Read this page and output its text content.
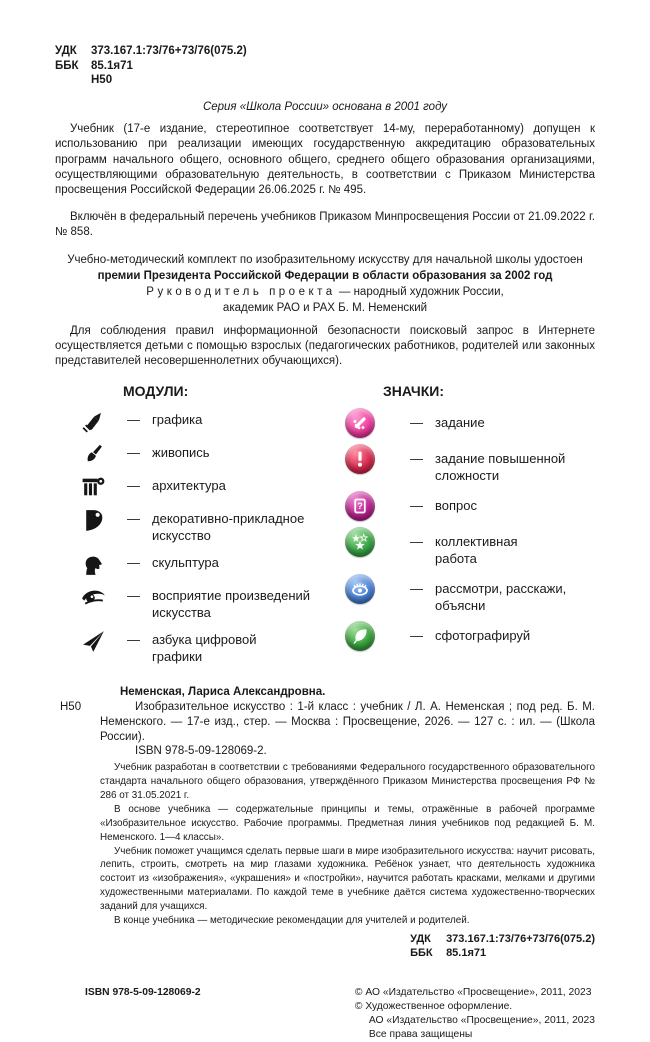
УДК	373.167.1:73/76+73/76(075.2)
ББК	85.1я71
Н50
Серия «Школа России» основана в 2001 году

Учебник (17-е издание, стереотипное соответствует 14-му, переработанному) допущен к использованию при реализации имеющих государственную аккредитацию образовательных программ начального общего, основного общего, среднего общего образования организациями, осуществляющими образовательную деятельность, в соответствии с Приказом Министерства просвещения Российской Федерации 26.06.2025 г. № 495.

Включён в федеральный перечень учебников Приказом Минпросвещения России от 21.09.2022 г. № 858.

Учебно-методический комплект по изобразительному искусству для начальной школы удостоен
премии Президента Российской Федерации в области образования за 2002 год
Руководитель проекта — народный художник России,
академик РАО и РАХ Б. М. Неменский

Для соблюдения правил информационной безопасности поисковый запрос в Интернете осуществляется детьми с помощью взрослых (педагогических работников, родителей или законных представителей несовершеннолетних обучающихся).

МОДУЛИ:
— графика
— живопись
— архитектура
— декоративно-прикладное искусство
— скульптура
— восприятие произведений искусства
— азбука цифровой графики
ЗНАЧКИ:
— задание
— задание повышенной сложности
?	— вопрос
— коллективная работа
— рассмотри, расскажи, объясни
— сфотографируй
Неменская, Лариса Александровна.
Н50	Изобразительное искусство : 1-й класс : учебник / Л. А. Неменская ; под ред. Б. М. Неменского. — 17-е изд., стер. — Москва : Просвещение, 2026. — 127 с. : ил. — (Школа России).
ISBN 978-5-09-128069-2.

Учебник разработан в соответствии с требованиями Федерального государственного образовательного стандарта начального общего образования, утверждённого Приказом Министерства просвещения РФ № 286 от 31.05.2021 г.

В основе учебника — содержательные принципы и темы, отражённые в рабочей программе «Изобразительное искусство. Рабочие программы. Предметная линия учебников под редакцией Б. М. Неменского. 1—4 классы».

Учебник поможет учащимся сделать первые шаги в мире изобразительного искусства: научит рисовать, лепить, строить, смотреть на мир глазами художника. Ребёнок узнает, что деятельность художника состоит из «изображения», «украшения» и «постройки», научится работать красками, мелками и другими художественными материалами. По каждой теме в учебнике даётся система художественно-творческих заданий для учащихся.

В конце учебника — методические рекомендации для учителей и родителей.

УДК	373.167.1:73/76+73/76(075.2)
ББК	85.1я71
ISBN 978-5-09-128069-2	© АО «Издательство «Просвещение», 2011, 2023
© Художественное оформление.
АО «Издательство «Просвещение», 2011, 2023
Все права защищены
